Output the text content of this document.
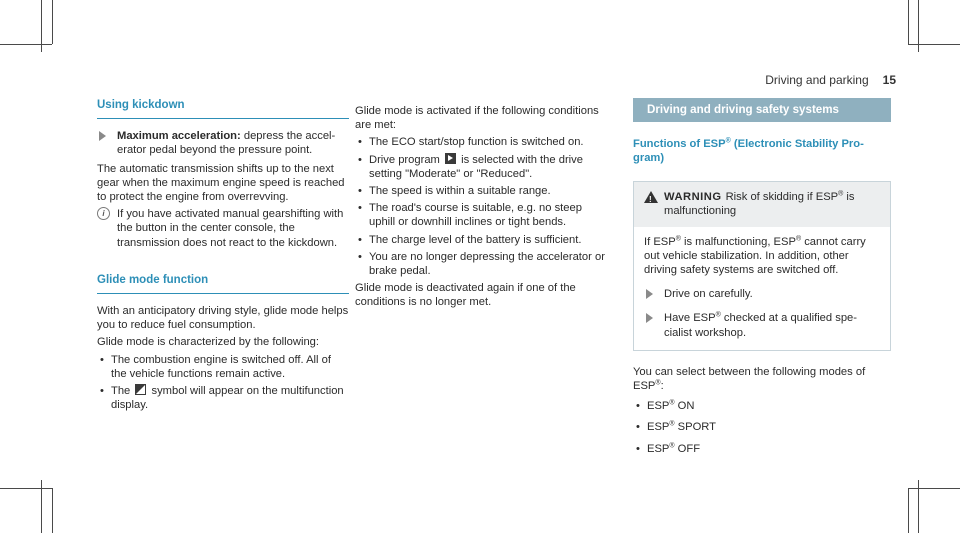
Driving and parking 15
Using kickdown
Maximum acceleration: depress the accelerator pedal beyond the pressure point.

The automatic transmission shifts up to the next gear when the maximum engine speed is reached to protect the engine from overrevving.

i	If you have activated manual gearshifting with the button in the center console, the transmission does not react to the kickdown.
Glide mode function

With an anticipatory driving style, glide mode helps you to reduce fuel consumption.

Glide mode is characterized by the following:

• The combustion engine is switched off. All of the vehicle functions remain active.
• The  symbol will appear on the multifunction display.

Glide mode is activated if the following conditions are met:

• The ECO start/stop function is switched on.
• Drive program  is selected with the drive setting "Moderate" or "Reduced".
• The speed is within a suitable range.
• The road's course is suitable, e.g. no steep uphill or downhill inclines or tight bends.
• The charge level of the battery is sufficient.
• You are no longer depressing the accelerator or brake pedal.

Glide mode is deactivated again if one of the conditions is no longer met.

Driving and driving safety systems
Functions of ESP® (Electronic Stability Program)
!
WARNING Risk of skidding if ESP® is malfunctioning

If ESP® is malfunctioning, ESP® cannot carry out vehicle stabilization. In addition, other driving safety systems are switched off.

Drive on carefully.
Have ESP® checked at a qualified specialist workshop.

You can select between the following modes of ESP®:

• ESP® ON
• ESP® SPORT
• ESP® OFF
